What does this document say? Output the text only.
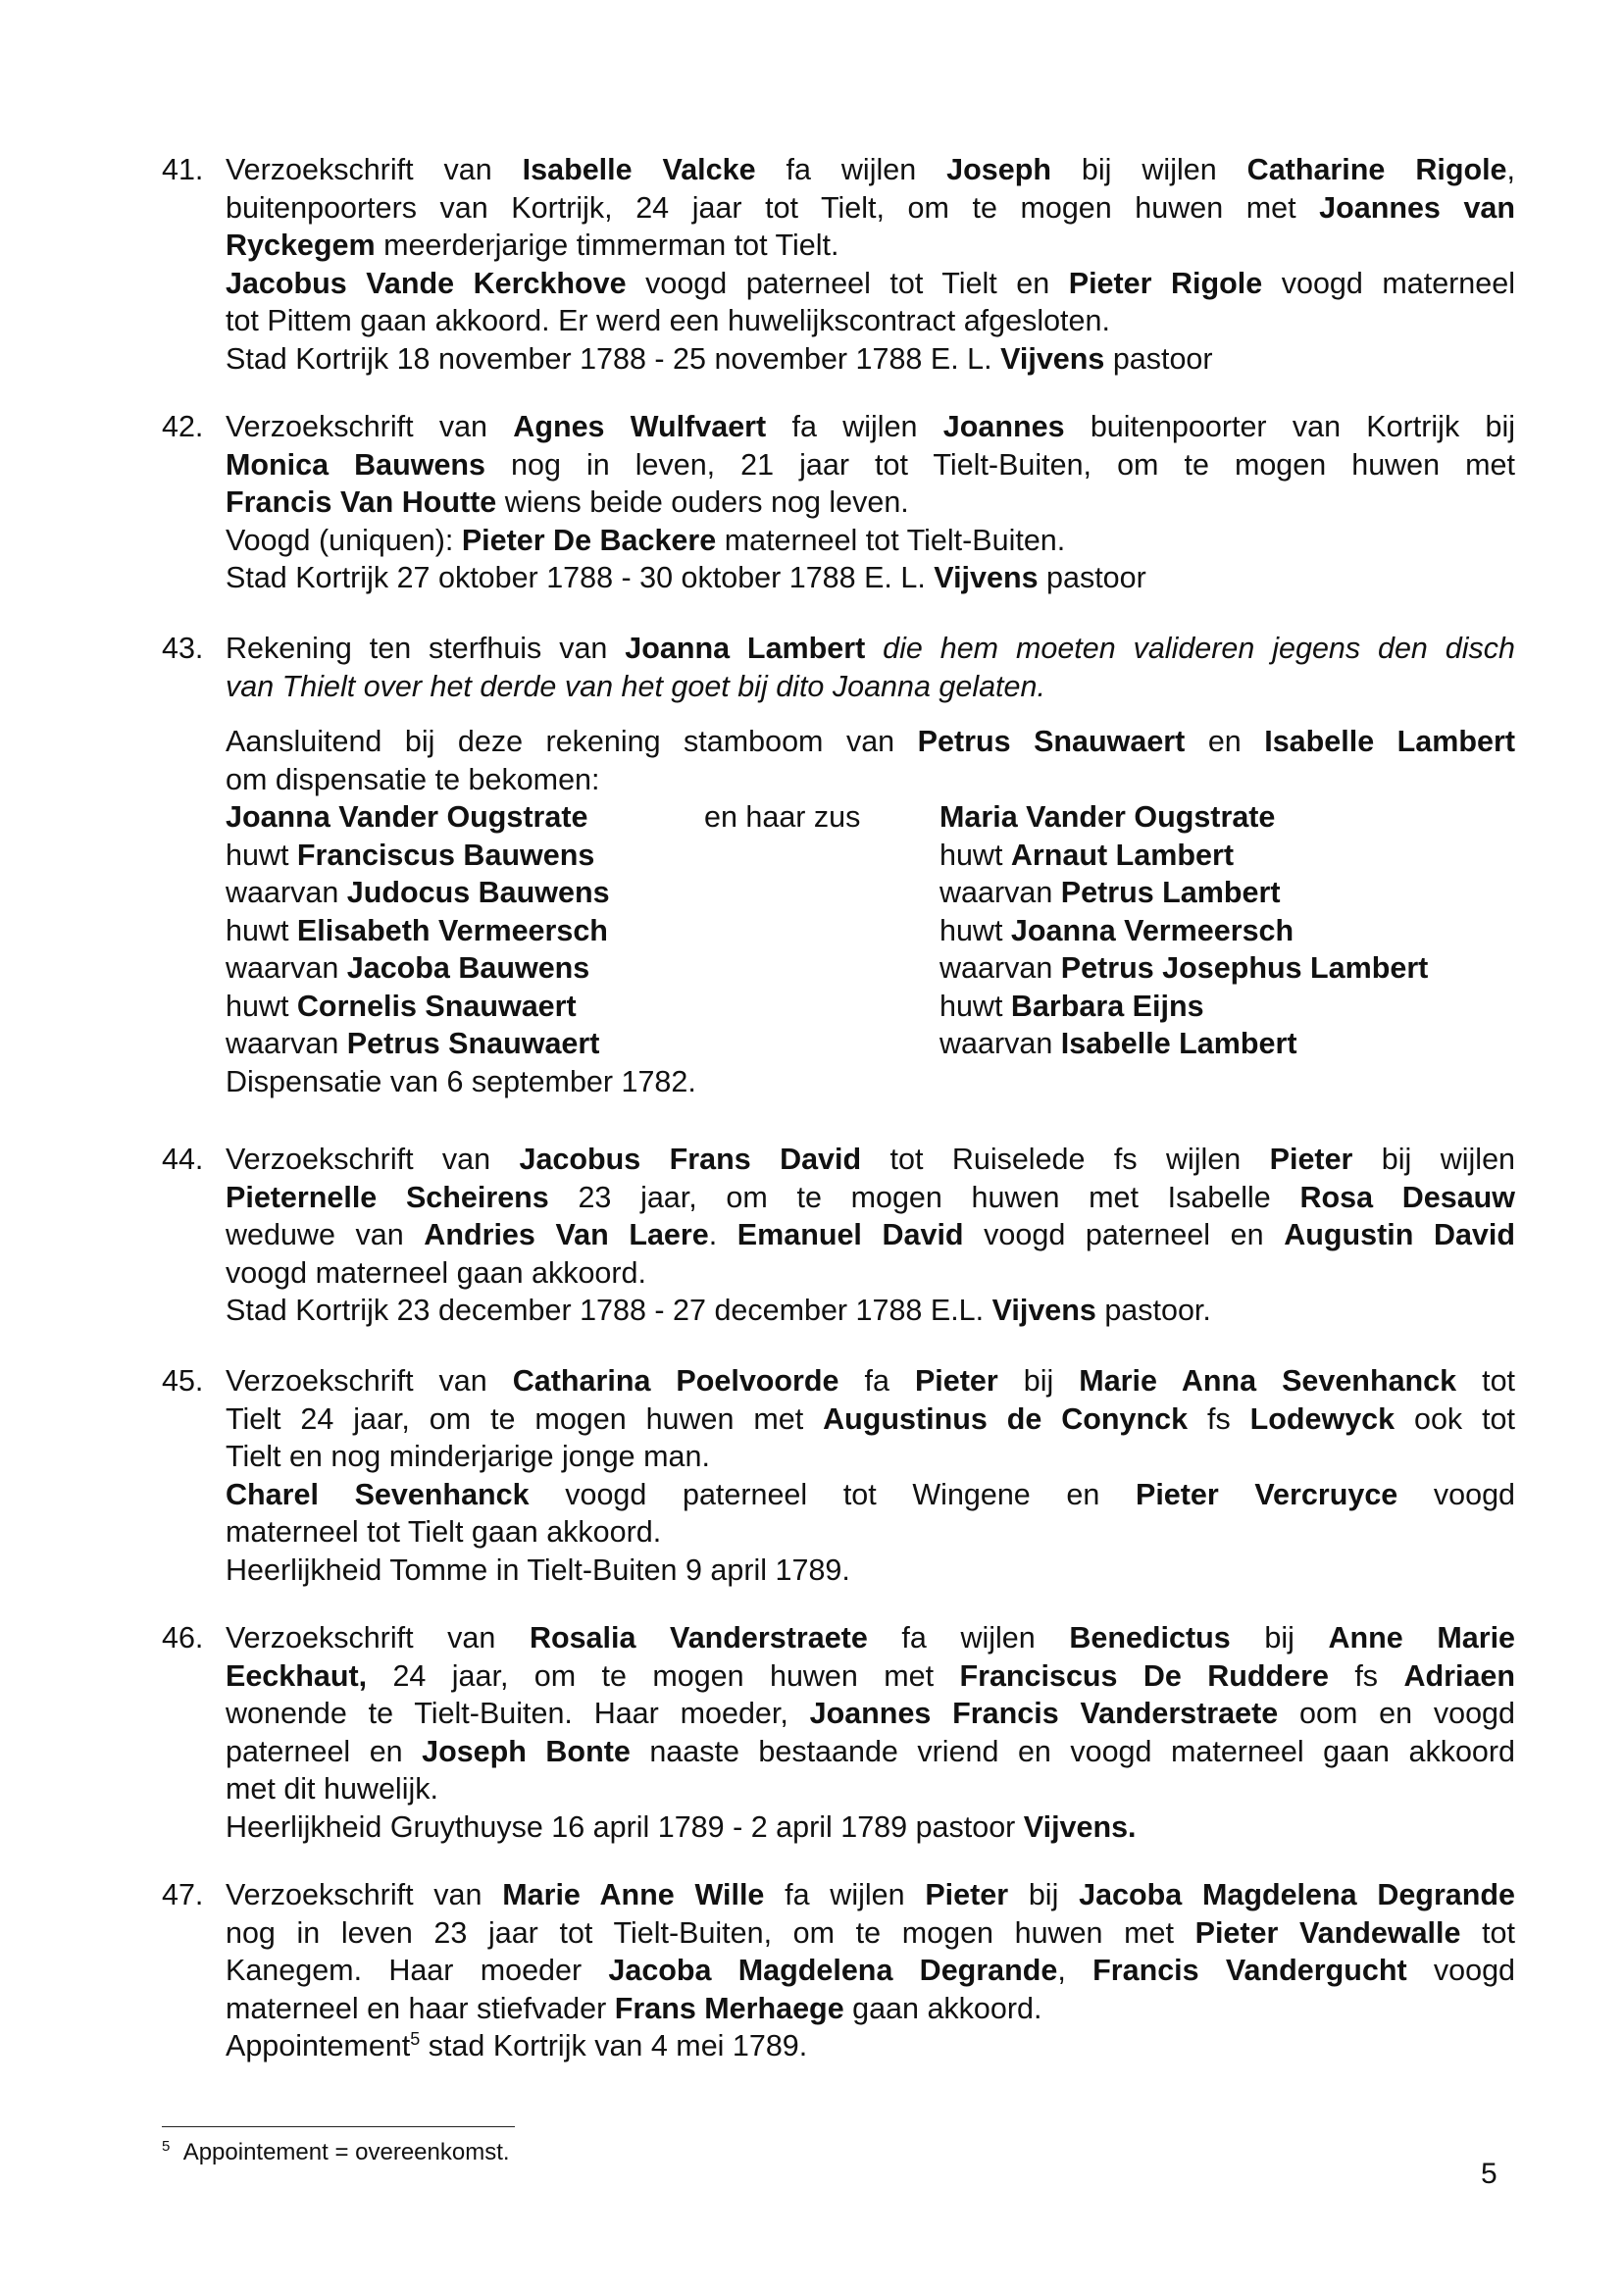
41. Verzoekschrift van Isabelle Valcke fa wijlen Joseph bij wijlen Catharine Rigole,
buitenpoorters van Kortrijk, 24 jaar tot Tielt, om te mogen huwen met Joannes van
Ryckegem meerderjarige timmerman tot Tielt.
Jacobus Vande Kerckhove voogd paterneel tot Tielt en Pieter Rigole voogd materneel
tot Pittem gaan akkoord. Er werd een huwelijkscontract afgesloten.
Stad Kortrijk 18 november 1788 - 25 november 1788 E. L. Vijvens pastoor
42. Verzoekschrift van Agnes Wulfvaert fa wijlen Joannes buitenpoorter van Kortrijk bij
Monica Bauwens nog in leven, 21 jaar tot Tielt-Buiten, om te mogen huwen met
Francis Van Houtte wiens beide ouders nog leven.
Voogd (uniquen): Pieter De Backere materneel tot Tielt-Buiten.
Stad Kortrijk 27 oktober 1788 - 30 oktober 1788 E. L. Vijvens pastoor
43. Rekening ten sterfhuis van Joanna Lambert die hem moeten valideren jegens den disch
van Thielt over het derde van het goet bij dito Joanna gelaten.
Aansluitend bij deze rekening stamboom van Petrus Snauwaert en Isabelle Lambert
om dispensatie te bekomen:
Joanna Vander Ougstrate
huwt Franciscus Bauwens
waarvan Judocus Bauwens
huwt Elisabeth Vermeersch
waarvan Jacoba Bauwens
huwt Cornelis Snauwaert
waarvan Petrus Snauwaert
Dispensatie van 6 september 1782.
en haar zus	Maria Vander Ougstrate
huwt Arnaut Lambert
waarvan Petrus Lambert
huwt Joanna Vermeersch
waarvan Petrus Josephus Lambert
huwt Barbara Eijns
waarvan Isabelle Lambert
44. Verzoekschrift van Jacobus Frans David tot Ruiselede fs wijlen Pieter bij wijlen
Pieternelle Scheirens 23 jaar, om te mogen huwen met Isabelle Rosa Desauw
weduwe van Andries Van Laere. Emanuel David voogd paterneel en Augustin David
voogd materneel gaan akkoord.
Stad Kortrijk 23 december 1788 - 27 december 1788 E.L. Vijvens pastoor.
45. Verzoekschrift van Catharina Poelvoorde fa Pieter bij Marie Anna Sevenhanck tot
Tielt 24 jaar, om te mogen huwen met Augustinus de Conynck fs Lodewyck ook tot
Tielt en nog minderjarige jonge man.
Charel Sevenhanck voogd paterneel tot Wingene en Pieter Vercruyce voogd
materneel tot Tielt gaan akkoord.
Heerlijkheid Tomme in Tielt-Buiten 9 april 1789.
46. Verzoekschrift van Rosalia Vanderstraete fa wijlen Benedictus bij Anne Marie
Eeckhaut, 24 jaar, om te mogen huwen met Franciscus De Ruddere fs Adriaen
wonende te Tielt-Buiten. Haar moeder, Joannes Francis Vanderstraete oom en voogd
paterneel en Joseph Bonte naaste bestaande vriend en voogd materneel gaan akkoord
met dit huwelijk.
Heerlijkheid Gruythuyse 16 april 1789 - 2 april 1789 pastoor Vijvens.
47. Verzoekschrift van Marie Anne Wille fa wijlen Pieter bij Jacoba Magdelena Degrande
nog in leven 23 jaar tot Tielt-Buiten, om te mogen huwen met Pieter Vandewalle tot
Kanegem. Haar moeder Jacoba Magdelena Degrande, Francis Vandergucht voogd
materneel en haar stiefvader Frans Merhaege gaan akkoord.
Appointement$^5$ stad Kortrijk van 4 mei 1789.
$^5$ Appointement = overeenkomst.
5
